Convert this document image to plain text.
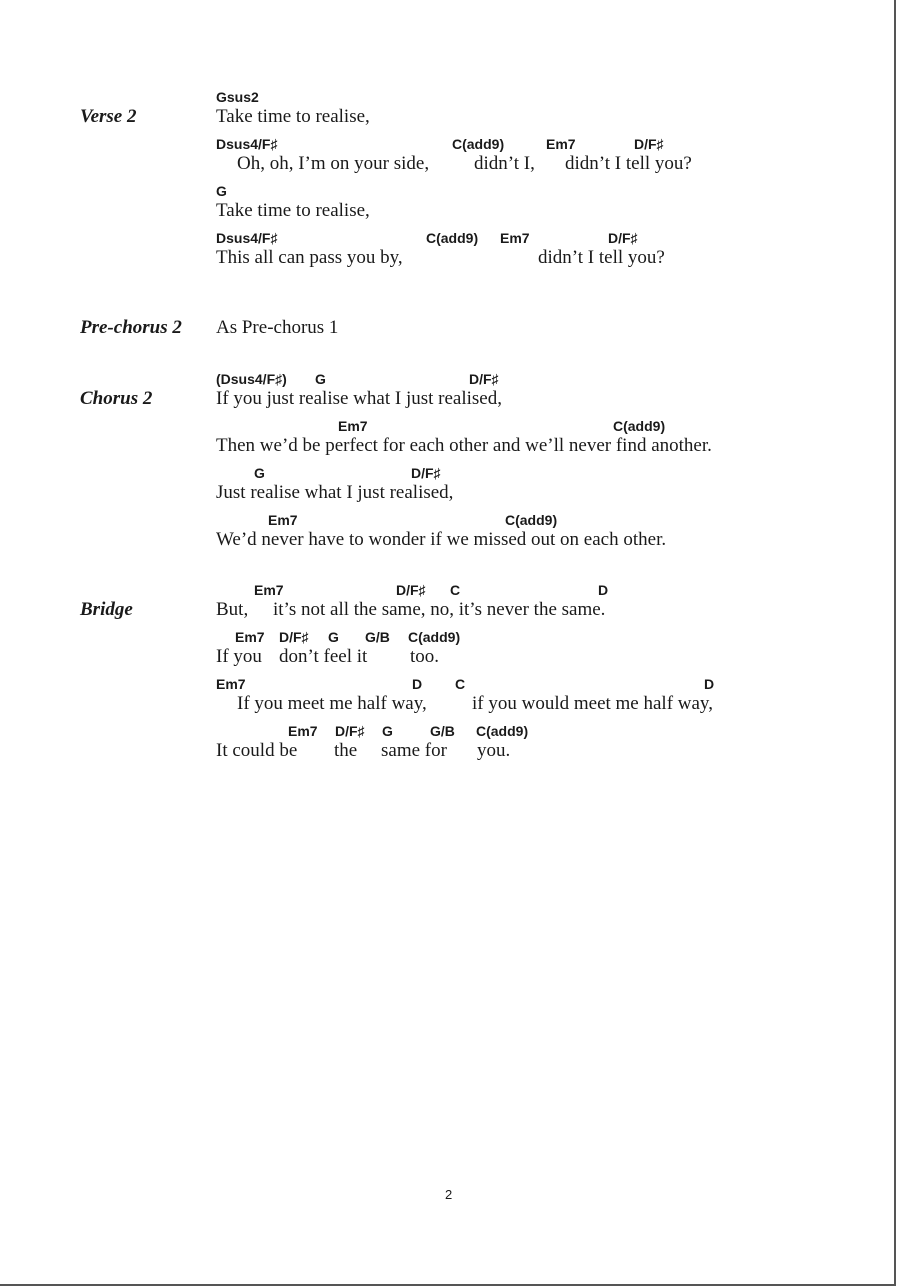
Verse 2
Gsus2
Take time to realise,
Dsus4/F♯	C(add9)	Em7	D/F♯
Oh, oh, I’m on your side, didn’t I, didn’t I tell you?
G
Take time to realise,
Dsus4/F♯	C(add9) Em7	D/F♯
This all can pass you by,	didn’t I tell you?
Pre-chorus 2 As Pre-chorus 1
Chorus 2
(Dsus4/F♯) G	D/F♯
If you just realise what I just realised,
Em7	C(add9)
Then we’d be perfect for each other and we’ll never find another.
G	D/F♯
Just realise what I just realised,
Em7	C(add9)
We’d never have to wonder if we missed out on each other.
Bridge
Em7	D/F♯ C	D
But, it’s not all the same, no, it’s never the same.
Em7 D/F♯ G G/B C(add9)
If you don’t feel it too.
Em7	D C	D
If you meet me half way, if you would meet me half way,
Em7 D/F♯ G	G/B C(add9)
It could be the same for you.
2
